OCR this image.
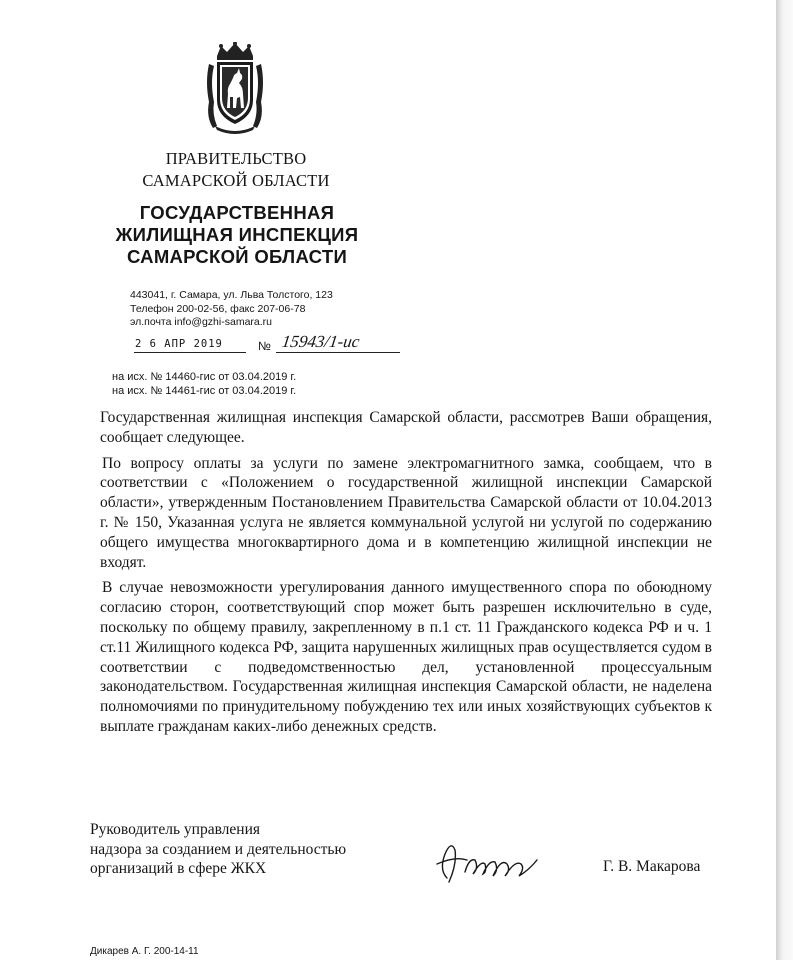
ПРАВИТЕЛЬСТВО
САМАРСКОЙ ОБЛАСТИ
ГОСУДАРСТВЕННАЯ
ЖИЛИЩНАЯ ИНСПЕКЦИЯ
САМАРСКОЙ ОБЛАСТИ
443041, г. Самара, ул. Льва Толстого, 123
Телефон 200-02-56, факс 207-06-78
эл.почта info@gzhi-samara.ru
2 6 АПР 2019	№ 15943/1-ис
на исх. № 14460-гис от 03.04.2019 г.
на исх. № 14461-гис от 03.04.2019 г.

Государственная жилищная инспекция Самарской области, рассмотрев Ваши обращения, сообщает следующее.

По вопросу оплаты за услуги по замене электромагнитного замка, сообщаем, что в соответствии с «Положением о государственной жилищной инспекции Самарской области», утвержденным Постановлением Правительства Самарской области от 10.04.2013 г. № 150, Указанная услуга не является коммунальной услугой ни услугой по содержанию общего имущества многоквартирного дома и в компетенцию жилищной инспекции не входят.

В случае невозможности урегулирования данного имущественного спора по обоюдному согласию сторон, соответствующий спор может быть разрешен исключительно в суде, поскольку по общему правилу, закрепленному в п.1 ст. 11 Гражданского кодекса РФ и ч. 1 ст.11 Жилищного кодекса РФ, защита нарушенных жилищных прав осуществляется судом в соответствии с подведомственностью дел, установленной процессуальным законодательством. Государственная жилищная инспекция Самарской области, не наделена полномочиями по принудительному побуждению тех или иных хозяйствующих субъектов к выплате гражданам каких-либо денежных средств.

Руководитель управления
надзора за созданием и деятельностью
организаций в сфере ЖКХ	Г. В. Макарова
Дикарев А. Г. 200-14-11
